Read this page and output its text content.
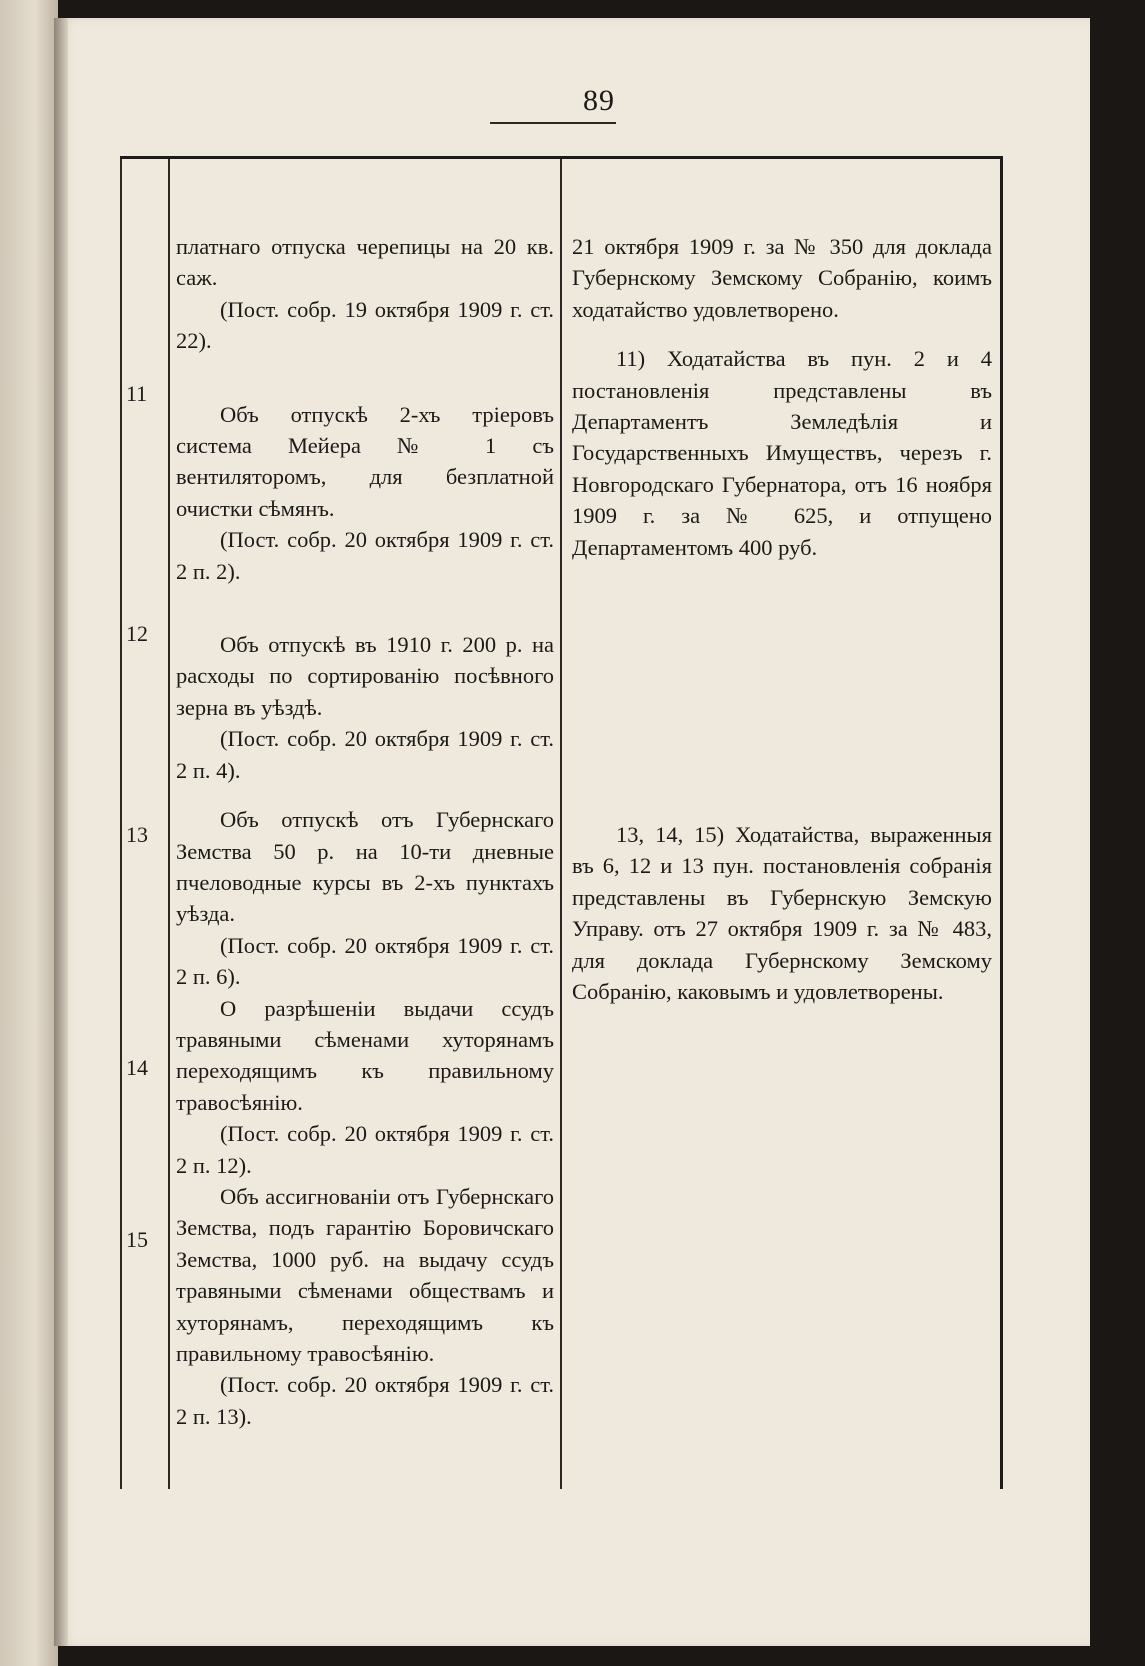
89
11
12
13
14
15

платнаго отпуска черепицы на 20 кв. саж.

(Пост. собр. 19 октября 1909 г. ст. 22).

Объ отпускѣ 2-хъ тріеровъ система Мейера № 1 съ вентиляторомъ, для безплатной очистки сѣмянъ.

(Пост. собр. 20 октября 1909 г. ст. 2 п. 2).

Объ отпускѣ въ 1910 г. 200 р. на расходы по сортированію посѣвного зерна въ уѣздѣ.

(Пост. собр. 20 октября 1909 г. ст. 2 п. 4).

Объ отпускѣ отъ Губернскаго Земства 50 р. на 10-ти дневные пчеловодные курсы въ 2-хъ пунктахъ уѣзда.

(Пост. собр. 20 октября 1909 г. ст. 2 п. 6).

О разрѣшеніи выдачи ссудъ травяными сѣменами хуторянамъ переходящимъ къ правильному травосѣянію.

(Пост. собр. 20 октября 1909 г. ст. 2 п. 12).

Объ ассигнованіи отъ Губернскаго Земства, подъ гарантію Боровичскаго Земства, 1000 руб. на выдачу ссудъ травяными сѣменами обществамъ и хуторянамъ, переходящимъ къ правильному травосѣянію.

(Пост. собр. 20 октября 1909 г. ст. 2 п. 13).

21 октября 1909 г. за № 350 для доклада Губернскому Земскому Собранію, коимъ ходатайство удовлетворено.

11) Ходатайства въ пун. 2 и 4 постановленія представлены въ Департаментъ Земледѣлія и Государственныхъ Имуществъ, черезъ г. Новгородскаго Губернатора, отъ 16 ноября 1909 г. за № 625, и отпущено Департаментомъ 400 руб.

13, 14, 15) Ходатайства, выраженныя въ 6, 12 и 13 пун. постановленія собранія представлены въ Губернскую Земскую Управу. отъ 27 октября 1909 г. за № 483, для доклада Губернскому Земскому Собранію, каковымъ и удовлетворены.
